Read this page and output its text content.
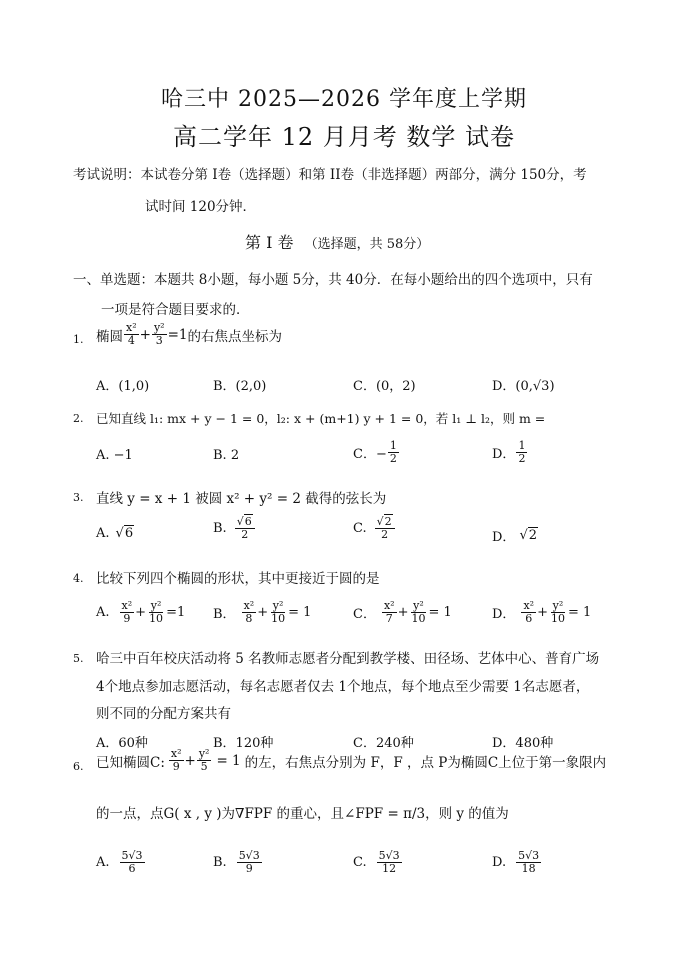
哈三中 2025—2026 学年度上学期
高二学年 12 月月考 数学 试卷
考试说明：本试卷分第 I卷（选择题）和第 II卷（非选择题）两部分，满分 150分，考
试时间 120分钟．
第 Ⅰ 卷 （选择题，共 58分）
一、单选题：本题共 8小题，每小题 5分，共 40分．在每小题给出的四个选项中，只有
一项是符合题目要求的．
1. 椭圆 $\frac{\text{x²}}{4} + \frac{\text{y²}}{3} =1$ 的右焦点坐标为
A．(1,0)	B．(2,0)	C．(0，2)	D．(0,√3)
2. 已知直线 l₁: mx + y − 1 = 0，l₂: x + (m+1) y + 1 = 0，若 l₁ ⊥ l₂，则 m =
A. −1	B. 2	C．− $\frac{1}{2}$	D． $\frac{1}{2}$
3. 直线 y = x + 1 被圆 x² + y² = 2 截得的弦长为
A. √6	B. $\frac{√6}{2}$	C. $\frac{√2}{2}$	D． √2
4. 比较下列四个椭圆的形状，其中更接近于圆的是
A. $\frac{\text{x²}}{9} + \frac{\text{y²}}{10} =1$ B． $\frac{\text{x²}}{8} + \frac{\text{y²}}{10} = 1$	C． $\frac{\text{x²}}{7} + \frac{\text{y²}}{10} = 1$	D． $\frac{\text{x²}}{6} + \frac{\text{y²}}{10} = 1$
5. 哈三中百年校庆活动将 5 名教师志愿者分配到教学楼、田径场、艺体中心、普育广场
4个地点参加志愿活动，每名志愿者仅去 1个地点，每个地点至少需要 1名志愿者，
则不同的分配方案共有
A．60种	B．120种	C．240种	D．480种
6. 已知椭圆C: $\frac{\text{x²}}{9} + \frac{\text{y²}}{5} = 1$ 的左，右焦点分别为 F，F ，点 P为椭圆C上位于第一象限内
的一点，点G( x , y )为∇FPF 的重心，且∠FPF = π/3，则 y 的值为
A. $\frac{5√3}{6}$	B. $\frac{5√3}{9}$	C. $\frac{5√3}{12}$	D. $\frac{5√3}{18}$
